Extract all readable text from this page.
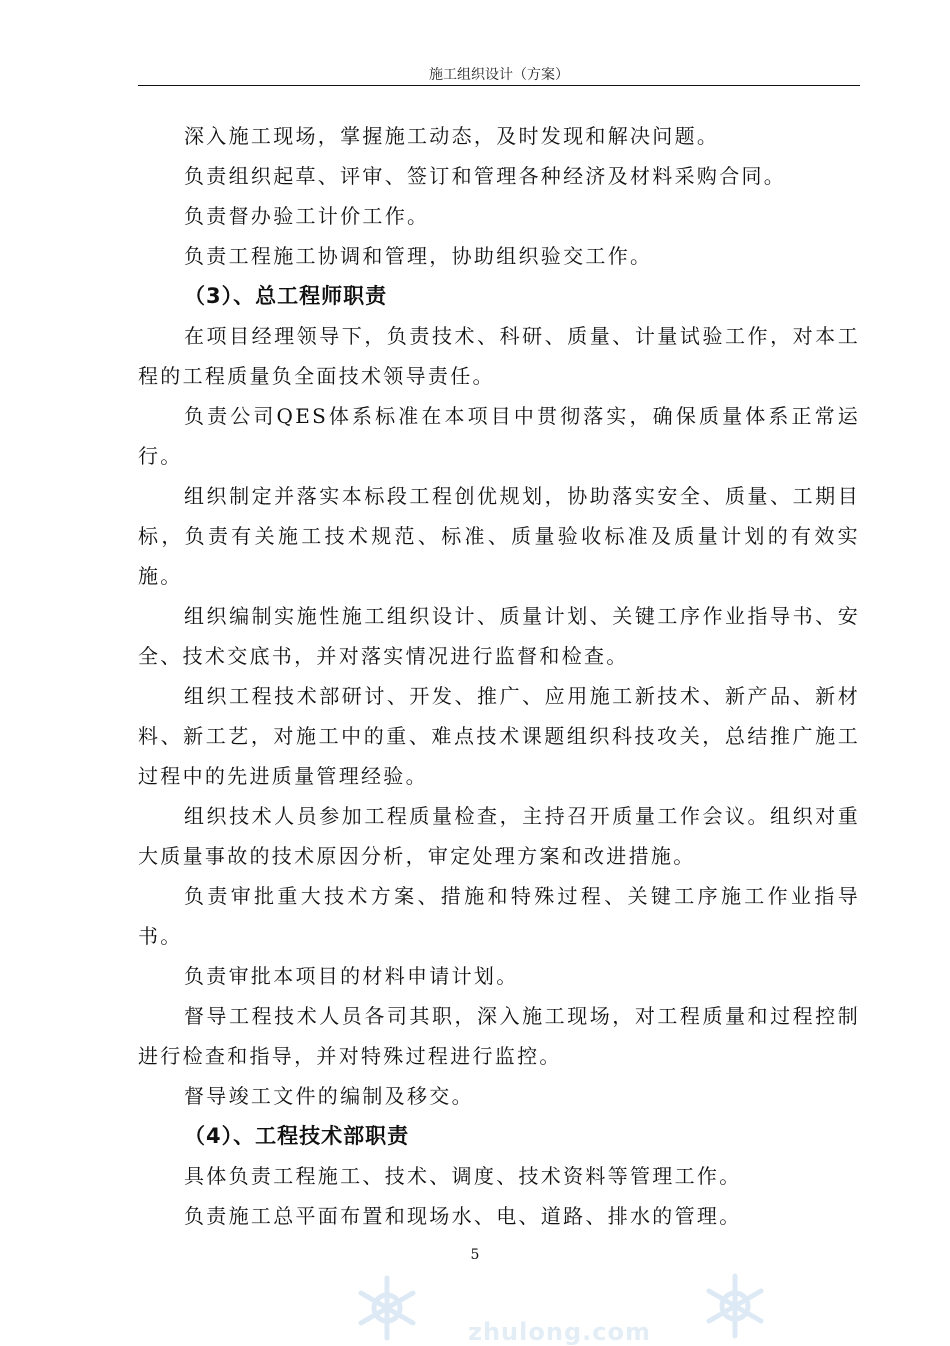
施工组织设计（方案）

深入施工现场，掌握施工动态，及时发现和解决问题。

负责组织起草、评审、签订和管理各种经济及材料采购合同。

负责督办验工计价工作。

负责工程施工协调和管理，协助组织验交工作。

（3）、总工程师职责

在项目经理领导下，负责技术、科研、质量、计量试验工作，对本工程的工程质量负全面技术领导责任。

负责公司QES体系标准在本项目中贯彻落实，确保质量体系正常运行。

组织制定并落实本标段工程创优规划，协助落实安全、质量、工期目标，负责有关施工技术规范、标准、质量验收标准及质量计划的有效实施。

组织编制实施性施工组织设计、质量计划、关键工序作业指导书、安全、技术交底书，并对落实情况进行监督和检查。

组织工程技术部研讨、开发、推广、应用施工新技术、新产品、新材料、新工艺，对施工中的重、难点技术课题组织科技攻关，总结推广施工过程中的先进质量管理经验。

组织技术人员参加工程质量检查，主持召开质量工作会议。组织对重大质量事故的技术原因分析，审定处理方案和改进措施。

负责审批重大技术方案、措施和特殊过程、关键工序施工作业指导书。

负责审批本项目的材料申请计划。

督导工程技术人员各司其职，深入施工现场，对工程质量和过程控制进行检查和指导，并对特殊过程进行监控。

督导竣工文件的编制及移交。

（4）、工程技术部职责

具体负责工程施工、技术、调度、技术资料等管理工作。

负责施工总平面布置和现场水、电、道路、排水的管理。

5
zhulong.com
